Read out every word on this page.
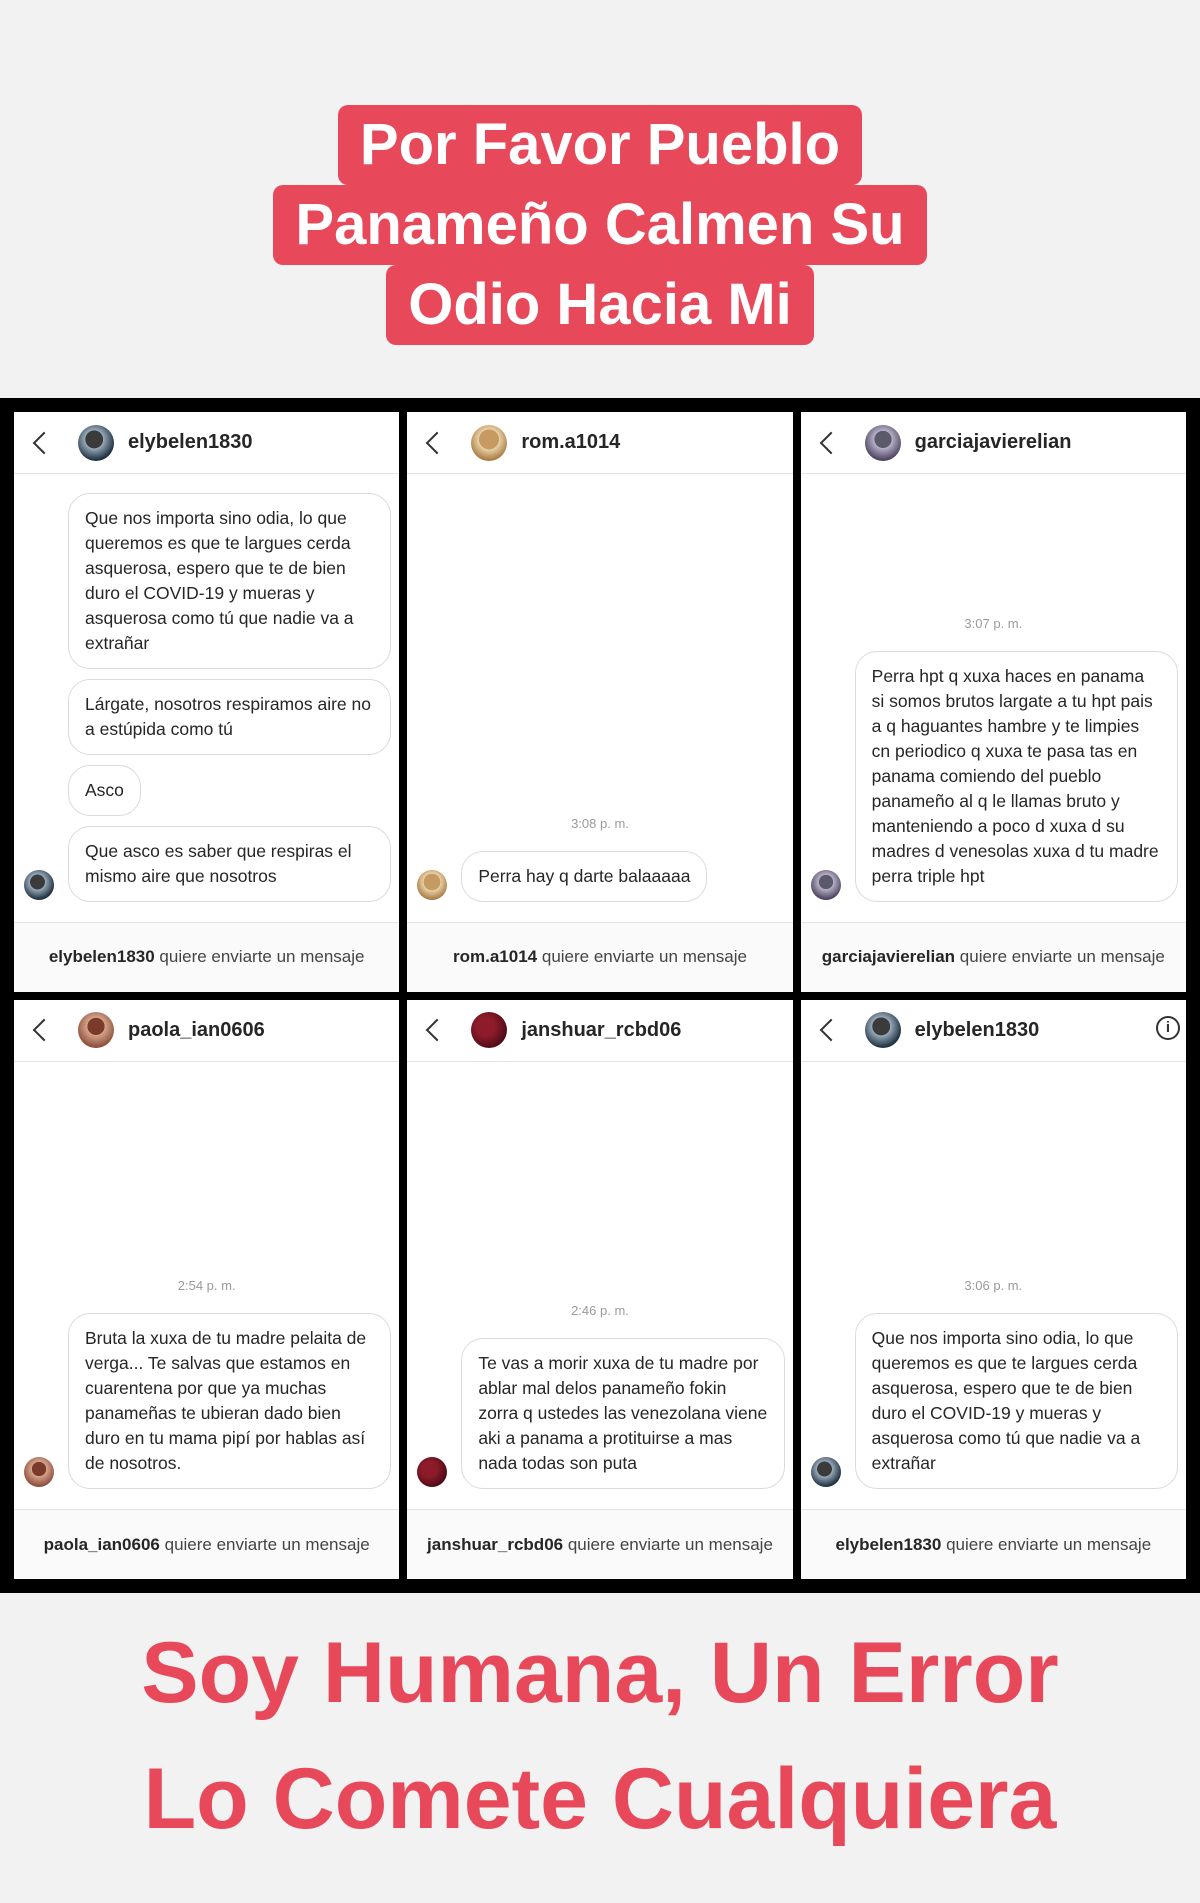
Por Favor Pueblo
Panameño Calmen Su
Odio Hacia Mi
elybelen1830
Que nos importa sino odia, lo que queremos es que te largues cerda asquerosa, espero que te de bien duro el COVID-19 y mueras y asquerosa como tú que nadie va a extrañar
Lárgate, nosotros respiramos aire no a estúpida como tú
Asco
Que asco es saber que respiras el mismo aire que nosotros
elybelen1830 quiere enviarte un mensaje
rom.a1014
3:08 p. m.
Perra hay q darte balaaaaa
rom.a1014 quiere enviarte un mensaje
garciajavierelian
3:07 p. m.
Perra hpt q xuxa haces en panama si somos brutos largate a tu hpt pais a q haguantes hambre y te limpies cn periodico q xuxa te pasa tas en panama comiendo del pueblo panameño al q le llamas bruto y manteniendo a poco d xuxa d su madres d venesolas xuxa d tu madre perra triple hpt
garciajavierelian quiere enviarte un mensaje
paola_ian0606
2:54 p. m.
Bruta la xuxa de tu madre pelaita de verga... Te salvas que estamos en cuarentena por que ya muchas panameñas te ubieran dado bien duro en tu mama pipí por hablas así de nosotros.
paola_ian0606 quiere enviarte un mensaje
janshuar_rcbd06
2:46 p. m.
Te vas a morir xuxa de tu madre por ablar mal delos panameño fokin zorra q ustedes las venezolana viene aki a panama a protituirse a mas nada todas son puta
janshuar_rcbd06 quiere enviarte un mensaje
elybelen1830	i
3:06 p. m.
Que nos importa sino odia, lo que queremos es que te largues cerda asquerosa, espero que te de bien duro el COVID-19 y mueras y asquerosa como tú que nadie va a extrañar
elybelen1830 quiere enviarte un mensaje
Soy Humana, Un Error
Lo Comete Cualquiera
